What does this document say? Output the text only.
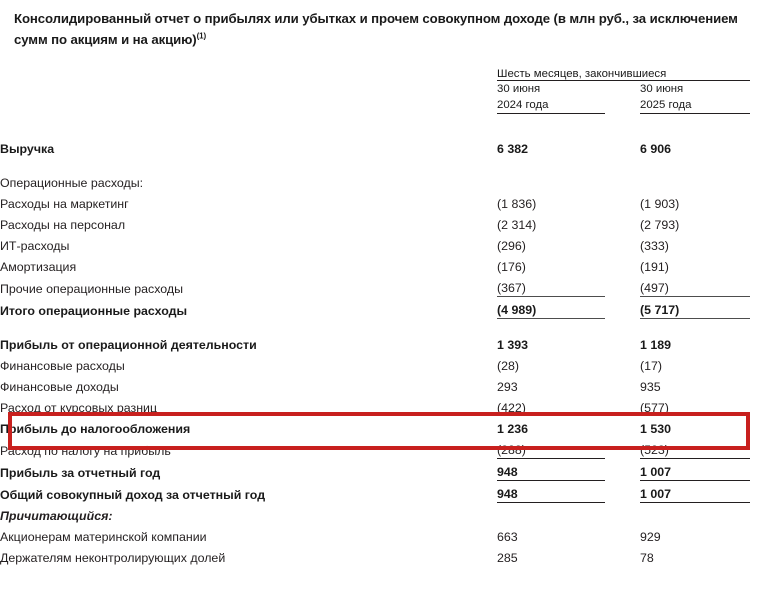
Консолидированный отчет о прибылях или убытках и прочем совокупном доходе (в млн руб., за исключением сумм по акциям и на акцию)$^{(1)}$
	Шесть месяцев, закончившиеся			
	30 июня
2024 года		30 июня
2025 года	

Выручка	6 382		6 906	

Операционные расходы:				
Расходы на маркетинг	(1 836)		(1 903)	
Расходы на персонал	(2 314)		(2 793)	
ИТ-расходы	(296)		(333)	
Амортизация	(176)		(191)	
Прочие операционные расходы	(367)		(497)	
Итого операционные расходы	(4 989)		(5 717)	

Прибыль от операционной деятельности	1 393		1 189	
Финансовые расходы	(28)		(17)	
Финансовые доходы	293		935	
Расход от курсовых разниц	(422)		(577)	
Прибыль до налогообложения	1 236		1 530	
Расход по налогу на прибыль	(288)		(523)	
Прибыль за отчетный год	948		1 007	
Общий совокупный доход за отчетный год	948		1 007	
Причитающийся:				
Акционерам материнской компании	663		929	
Держателям неконтролирующих долей	285		78	
